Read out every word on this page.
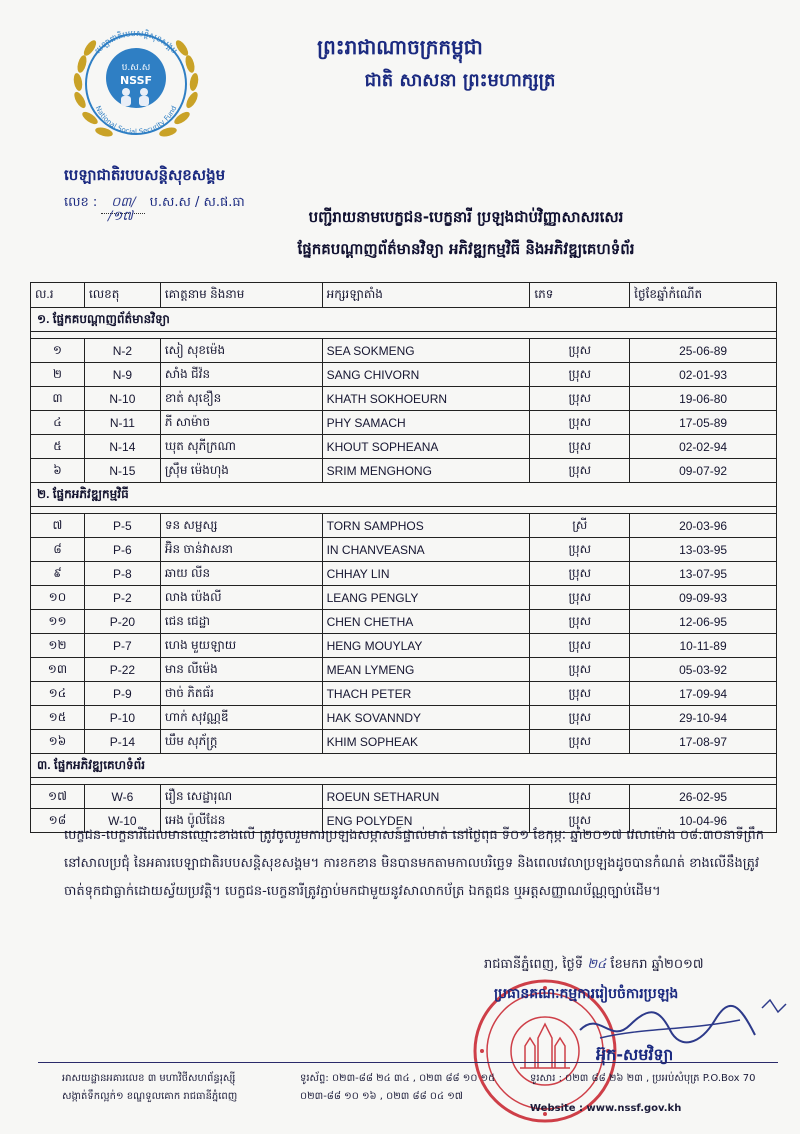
ព្រះរាជាណាចក្រកម្ពុជា
ជាតិ សាសនា ព្រះមហាក្សត្រ
បេឡាជាតិរបបសន្តិសុខសង្គម
National Social Security Fund
ប.ស.ស
NSSF
បេឡាជាតិរបបសន្តិសុខសង្គម
លេខ : ០៣/ ប.ស.ស / ស.ផ.ធា
/១៧	បញ្ជីរាយនាមបេក្ខជន-បេក្ខនារី ប្រឡងជាប់វិញ្ញាសាសរសេរ
ផ្នែកគបណ្តាញព័ត៌មានវិទ្យា អភិវឌ្ឍកម្មវិធី និងអភិវឌ្ឍគេហទំព័រ
ល.រ	លេខតុ	គោត្តនាម និងនាម	អក្សរឡាតាំង	ភេទ	ថ្ងៃខែឆ្នាំកំណើត
១. ផ្នែកគបណ្តាញព័ត៌មានវិទ្យា					

១	N-2	សៀ សុខម៉េង	SEA SOKMENG	ប្រុស	25-06-89
២	N-9	សាំង ជីវ៉ន	SANG CHIVORN	ប្រុស	02-01-93
៣	N-10	ខាត់ សុខឿន	KHATH SOKHOEURN	ប្រុស	19-06-80
៤	N-11	ភី សាម៉ាច	PHY SAMACH	ប្រុស	17-05-89
៥	N-14	ឃុត សុភីក្រណា	KHOUT SOPHEANA	ប្រុស	02-02-94
៦	N-15	ស្រ៊ឹម ម៉េងហុង	SRIM MENGHONG	ប្រុស	09-07-92
២. ផ្នែកអភិវឌ្ឍកម្មវិធី					

៧	P-5	ទន សម្ផស្ស	TORN SAMPHOS	ស្រី	20-03-96
៨	P-6	អ៊ិន ចាន់វាសនា	IN CHANVEASNA	ប្រុស	13-03-95
៩	P-8	ឆាយ លីន	CHHAY LIN	ប្រុស	13-07-95
១០	P-2	លាង ប៉េងលី	LEANG PENGLY	ប្រុស	09-09-93
១១	P-20	ជេន ជេដ្ឋា	CHEN CHETHA	ប្រុស	12-06-95
១២	P-7	ហេង មួយឡាយ	HENG MOUYLAY	ប្រុស	10-11-89
១៣	P-22	មាន លីម៉េង	MEAN LYMENG	ប្រុស	05-03-92
១៤	P-9	ថាច់ ភិតធ័រ	THACH PETER	ប្រុស	17-09-94
១៥	P-10	ហាក់ សុវណ្ណឌី	HAK SOVANNDY	ប្រុស	29-10-94
១៦	P-14	ឃឹម សុភ័ក្ត្រ	KHIM SOPHEAK	ប្រុស	17-08-97
៣. ផ្នែកអភិវឌ្ឍគេហទំព័រ					

១៧	W-6	រឿន សេដ្ឋារុណ	ROEUN SETHARUN	ប្រុស	26-02-95
១៨	W-10	អេង ប៉ូលីដែន	ENG POLYDEN	ប្រុស	10-04-96
បេក្ខជន-បេក្ខនារីដែលមានឈ្មោះខាងលើ ត្រូវចូលរួមការប្រឡងសម្ភាសន៍ផ្ទាល់មាត់ នៅថ្ងៃពុធ ទី០១ ខែកុម្ភៈ ឆ្នាំ២០១៧ វេលាម៉ោង ០៨:៣០នាទីព្រឹក នៅសាលប្រជុំ នៃអគារបេឡាជាតិរបបសន្តិសុខសង្គម។ ការខកខាន មិនបានមកតាមកាលបរិច្ឆេទ និងពេលវេលាប្រឡងដូចបានកំណត់ ខាងលើនឹងត្រូវចាត់ទុកជាធ្លាក់ដោយស្វ័យប្រវត្តិ។ បេក្ខជន-បេក្ខនារីត្រូវភ្ជាប់មកជាមួយនូវសាលាកប័ត្រ ឯកត្តជន ឬអត្តសញ្ញាណប័ណ្ណច្បាប់ដើម។
រាជធានីភ្នំពេញ, ថ្ងៃទី ២៤ ខែមករា ឆ្នាំ២០១៧
ប្រធានគណៈកម្មការរៀបចំការប្រឡង
អ៊ុក-សមវិទ្យា
អាសយដ្ឋានអគារលេខ ៣ មហាវិថីសហព័ន្ធរុស្ស៊ី
សង្កាត់ទឹកល្អក់១ ខណ្ឌទួលគោក រាជធានីភ្នំពេញ
ទូរស័ព្ទ: ០២៣-៨៨ ២៤ ៣៤ , ០២៣ ៨៨ ១០ ១៥
០២៣-៨៨ ១០ ១៦ , ០២៣ ៨៨ ០៤ ១៧
ទូរសារ : ០២៣ ៨៨ ២៦ ២៣ , ប្រអប់សំបុត្រ P.O.Box 70
Website : www.nssf.gov.kh
